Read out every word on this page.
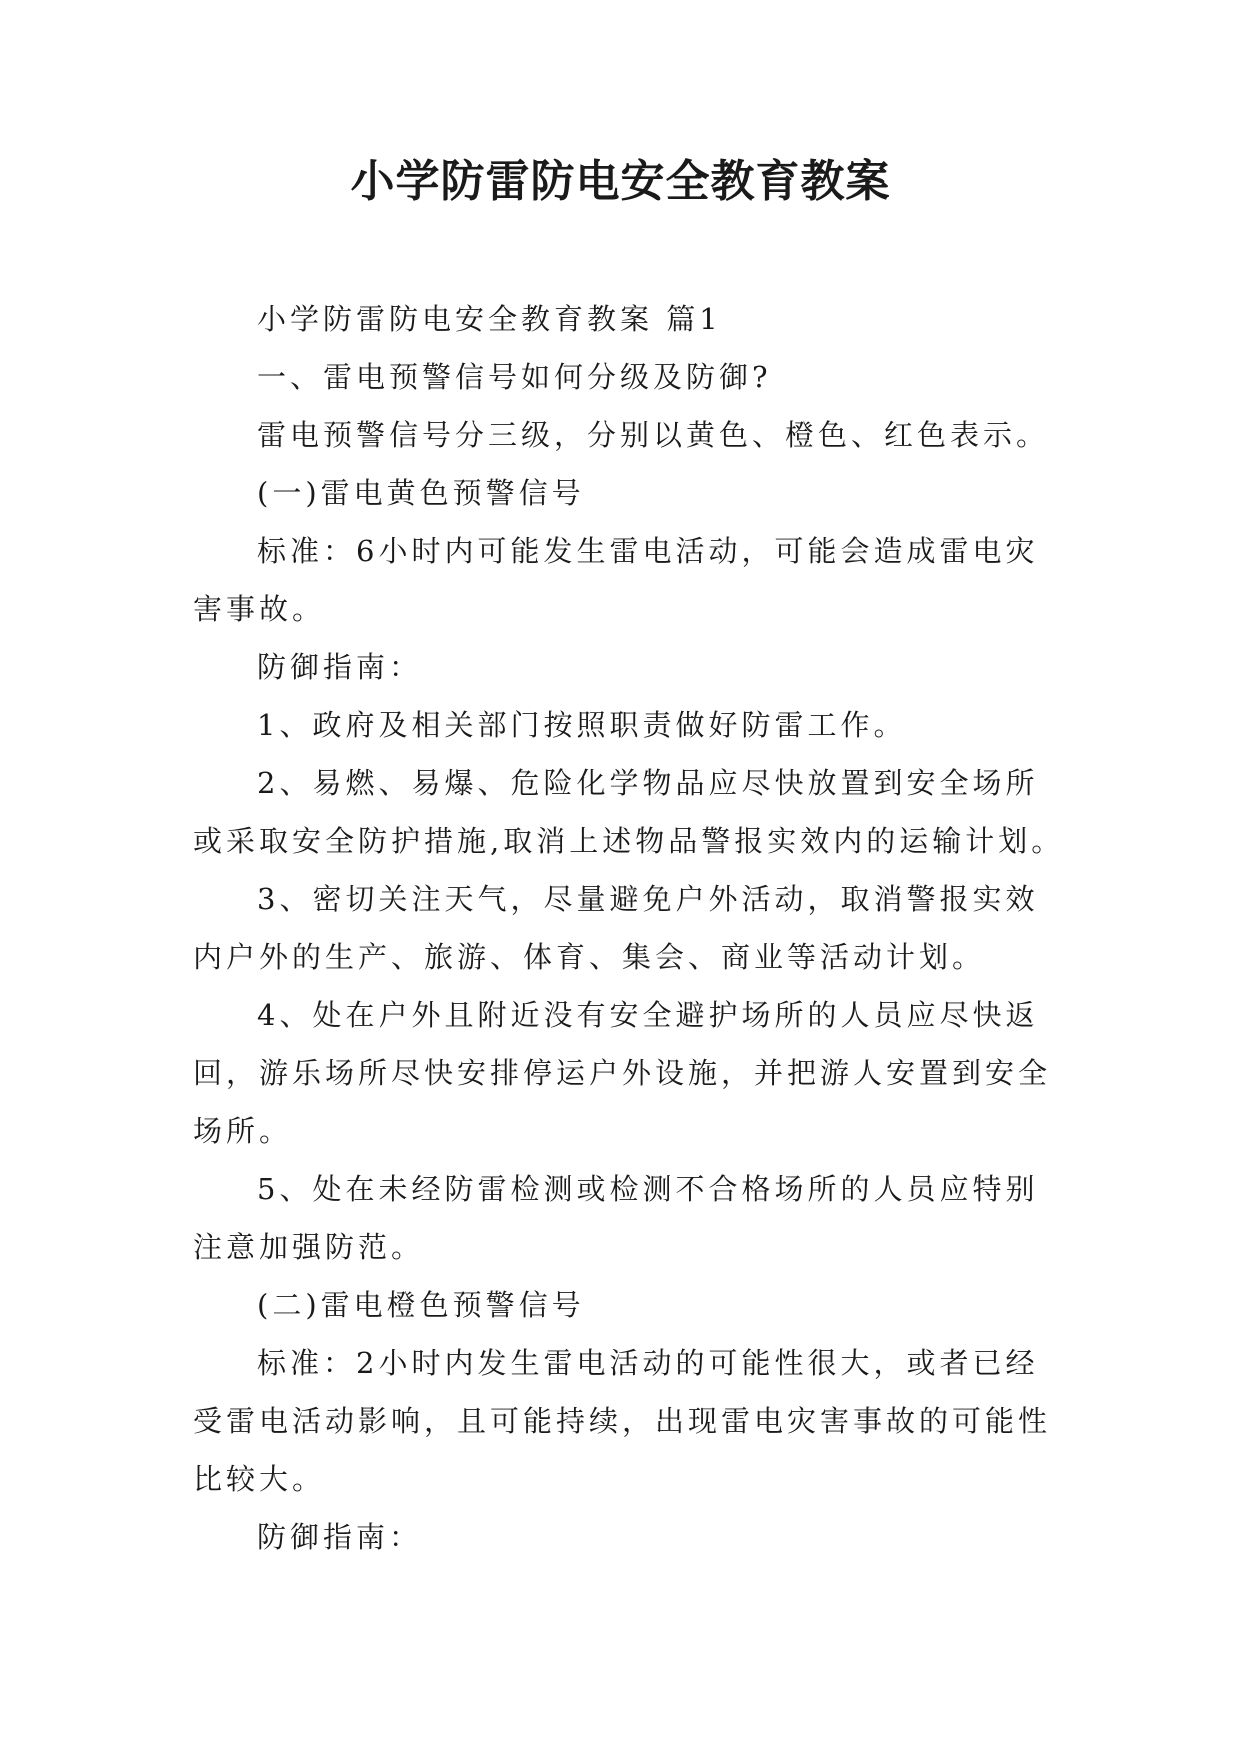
小学防雷防电安全教育教案

小学防雷防电安全教育教案 篇1

一、雷电预警信号如何分级及防御?

雷电预警信号分三级，分别以黄色、橙色、红色表示。

(一)雷电黄色预警信号

标准：6小时内可能发生雷电活动，可能会造成雷电灾害事故。

防御指南：

1、政府及相关部门按照职责做好防雷工作。

2、易燃、易爆、危险化学物品应尽快放置到安全场所或采取安全防护措施,取消上述物品警报实效内的运输计划。

3、密切关注天气，尽量避免户外活动，取消警报实效内户外的生产、旅游、体育、集会、商业等活动计划。

4、处在户外且附近没有安全避护场所的人员应尽快返回，游乐场所尽快安排停运户外设施，并把游人安置到安全场所。

5、处在未经防雷检测或检测不合格场所的人员应特别注意加强防范。

(二)雷电橙色预警信号

标准：2小时内发生雷电活动的可能性很大，或者已经受雷电活动影响，且可能持续，出现雷电灾害事故的可能性比较大。

防御指南：
